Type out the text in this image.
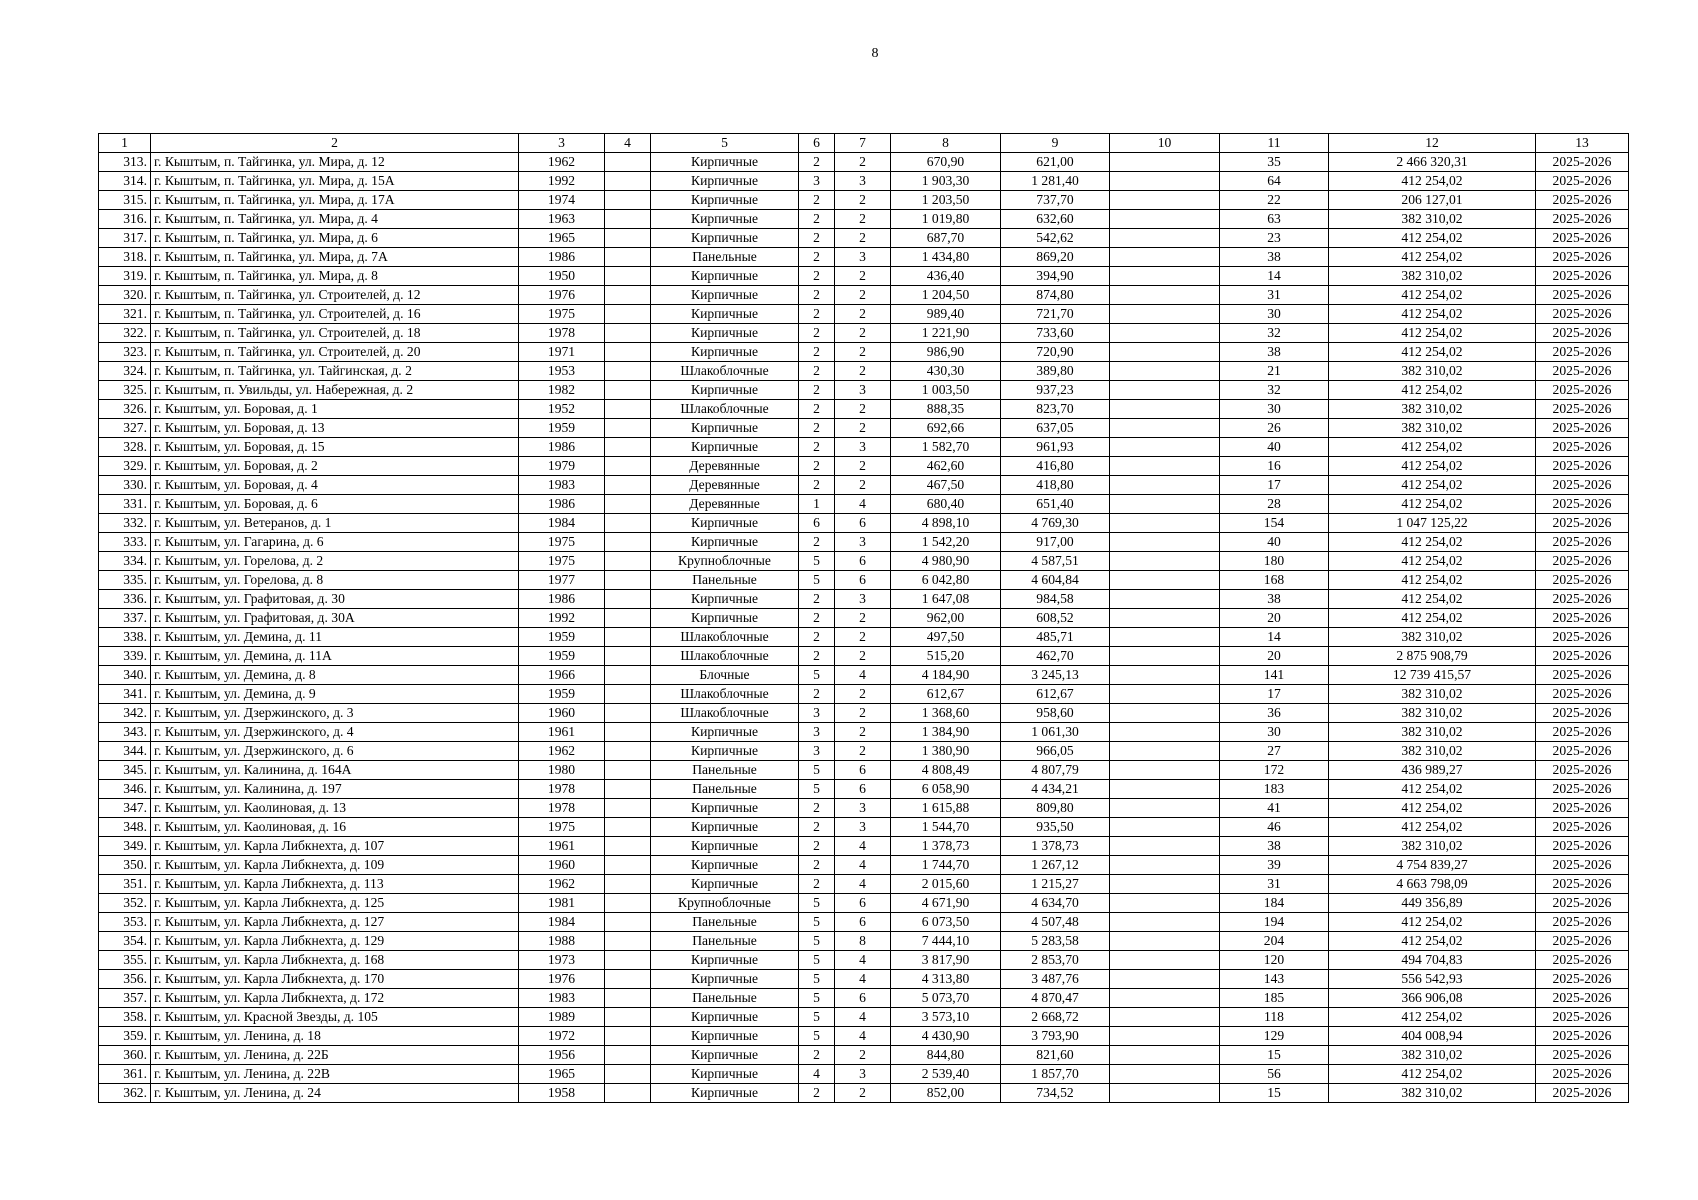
8
1	2	3	4	5	6	7	8	9	10	11	12	13
313.	г. Кыштым, п. Тайгинка, ул. Мира, д. 12	1962		Кирпичные	2	2	670,90	621,00		35	2 466 320,31	2025-2026
314.	г. Кыштым, п. Тайгинка, ул. Мира, д. 15А	1992		Кирпичные	3	3	1 903,30	1 281,40		64	412 254,02	2025-2026
315.	г. Кыштым, п. Тайгинка, ул. Мира, д. 17А	1974		Кирпичные	2	2	1 203,50	737,70		22	206 127,01	2025-2026
316.	г. Кыштым, п. Тайгинка, ул. Мира, д. 4	1963		Кирпичные	2	2	1 019,80	632,60		63	382 310,02	2025-2026
317.	г. Кыштым, п. Тайгинка, ул. Мира, д. 6	1965		Кирпичные	2	2	687,70	542,62		23	412 254,02	2025-2026
318.	г. Кыштым, п. Тайгинка, ул. Мира, д. 7А	1986		Панельные	2	3	1 434,80	869,20		38	412 254,02	2025-2026
319.	г. Кыштым, п. Тайгинка, ул. Мира, д. 8	1950		Кирпичные	2	2	436,40	394,90		14	382 310,02	2025-2026
320.	г. Кыштым, п. Тайгинка, ул. Строителей, д. 12	1976		Кирпичные	2	2	1 204,50	874,80		31	412 254,02	2025-2026
321.	г. Кыштым, п. Тайгинка, ул. Строителей, д. 16	1975		Кирпичные	2	2	989,40	721,70		30	412 254,02	2025-2026
322.	г. Кыштым, п. Тайгинка, ул. Строителей, д. 18	1978		Кирпичные	2	2	1 221,90	733,60		32	412 254,02	2025-2026
323.	г. Кыштым, п. Тайгинка, ул. Строителей, д. 20	1971		Кирпичные	2	2	986,90	720,90		38	412 254,02	2025-2026
324.	г. Кыштым, п. Тайгинка, ул. Тайгинская, д. 2	1953		Шлакоблочные	2	2	430,30	389,80		21	382 310,02	2025-2026
325.	г. Кыштым, п. Увильды, ул. Набережная, д. 2	1982		Кирпичные	2	3	1 003,50	937,23		32	412 254,02	2025-2026
326.	г. Кыштым, ул. Боровая, д. 1	1952		Шлакоблочные	2	2	888,35	823,70		30	382 310,02	2025-2026
327.	г. Кыштым, ул. Боровая, д. 13	1959		Кирпичные	2	2	692,66	637,05		26	382 310,02	2025-2026
328.	г. Кыштым, ул. Боровая, д. 15	1986		Кирпичные	2	3	1 582,70	961,93		40	412 254,02	2025-2026
329.	г. Кыштым, ул. Боровая, д. 2	1979		Деревянные	2	2	462,60	416,80		16	412 254,02	2025-2026
330.	г. Кыштым, ул. Боровая, д. 4	1983		Деревянные	2	2	467,50	418,80		17	412 254,02	2025-2026
331.	г. Кыштым, ул. Боровая, д. 6	1986		Деревянные	1	4	680,40	651,40		28	412 254,02	2025-2026
332.	г. Кыштым, ул. Ветеранов, д. 1	1984		Кирпичные	6	6	4 898,10	4 769,30		154	1 047 125,22	2025-2026
333.	г. Кыштым, ул. Гагарина, д. 6	1975		Кирпичные	2	3	1 542,20	917,00		40	412 254,02	2025-2026
334.	г. Кыштым, ул. Горелова, д. 2	1975		Крупноблочные	5	6	4 980,90	4 587,51		180	412 254,02	2025-2026
335.	г. Кыштым, ул. Горелова, д. 8	1977		Панельные	5	6	6 042,80	4 604,84		168	412 254,02	2025-2026
336.	г. Кыштым, ул. Графитовая, д. 30	1986		Кирпичные	2	3	1 647,08	984,58		38	412 254,02	2025-2026
337.	г. Кыштым, ул. Графитовая, д. 30А	1992		Кирпичные	2	2	962,00	608,52		20	412 254,02	2025-2026
338.	г. Кыштым, ул. Демина, д. 11	1959		Шлакоблочные	2	2	497,50	485,71		14	382 310,02	2025-2026
339.	г. Кыштым, ул. Демина, д. 11А	1959		Шлакоблочные	2	2	515,20	462,70		20	2 875 908,79	2025-2026
340.	г. Кыштым, ул. Демина, д. 8	1966		Блочные	5	4	4 184,90	3 245,13		141	12 739 415,57	2025-2026
341.	г. Кыштым, ул. Демина, д. 9	1959		Шлакоблочные	2	2	612,67	612,67		17	382 310,02	2025-2026
342.	г. Кыштым, ул. Дзержинского, д. 3	1960		Шлакоблочные	3	2	1 368,60	958,60		36	382 310,02	2025-2026
343.	г. Кыштым, ул. Дзержинского, д. 4	1961		Кирпичные	3	2	1 384,90	1 061,30		30	382 310,02	2025-2026
344.	г. Кыштым, ул. Дзержинского, д. 6	1962		Кирпичные	3	2	1 380,90	966,05		27	382 310,02	2025-2026
345.	г. Кыштым, ул. Калинина, д. 164А	1980		Панельные	5	6	4 808,49	4 807,79		172	436 989,27	2025-2026
346.	г. Кыштым, ул. Калинина, д. 197	1978		Панельные	5	6	6 058,90	4 434,21		183	412 254,02	2025-2026
347.	г. Кыштым, ул. Каолиновая, д. 13	1978		Кирпичные	2	3	1 615,88	809,80		41	412 254,02	2025-2026
348.	г. Кыштым, ул. Каолиновая, д. 16	1975		Кирпичные	2	3	1 544,70	935,50		46	412 254,02	2025-2026
349.	г. Кыштым, ул. Карла Либкнехта, д. 107	1961		Кирпичные	2	4	1 378,73	1 378,73		38	382 310,02	2025-2026
350.	г. Кыштым, ул. Карла Либкнехта, д. 109	1960		Кирпичные	2	4	1 744,70	1 267,12		39	4 754 839,27	2025-2026
351.	г. Кыштым, ул. Карла Либкнехта, д. 113	1962		Кирпичные	2	4	2 015,60	1 215,27		31	4 663 798,09	2025-2026
352.	г. Кыштым, ул. Карла Либкнехта, д. 125	1981		Крупноблочные	5	6	4 671,90	4 634,70		184	449 356,89	2025-2026
353.	г. Кыштым, ул. Карла Либкнехта, д. 127	1984		Панельные	5	6	6 073,50	4 507,48		194	412 254,02	2025-2026
354.	г. Кыштым, ул. Карла Либкнехта, д. 129	1988		Панельные	5	8	7 444,10	5 283,58		204	412 254,02	2025-2026
355.	г. Кыштым, ул. Карла Либкнехта, д. 168	1973		Кирпичные	5	4	3 817,90	2 853,70		120	494 704,83	2025-2026
356.	г. Кыштым, ул. Карла Либкнехта, д. 170	1976		Кирпичные	5	4	4 313,80	3 487,76		143	556 542,93	2025-2026
357.	г. Кыштым, ул. Карла Либкнехта, д. 172	1983		Панельные	5	6	5 073,70	4 870,47		185	366 906,08	2025-2026
358.	г. Кыштым, ул. Красной Звезды, д. 105	1989		Кирпичные	5	4	3 573,10	2 668,72		118	412 254,02	2025-2026
359.	г. Кыштым, ул. Ленина, д. 18	1972		Кирпичные	5	4	4 430,90	3 793,90		129	404 008,94	2025-2026
360.	г. Кыштым, ул. Ленина, д. 22Б	1956		Кирпичные	2	2	844,80	821,60		15	382 310,02	2025-2026
361.	г. Кыштым, ул. Ленина, д. 22В	1965		Кирпичные	4	3	2 539,40	1 857,70		56	412 254,02	2025-2026
362.	г. Кыштым, ул. Ленина, д. 24	1958		Кирпичные	2	2	852,00	734,52		15	382 310,02	2025-2026
